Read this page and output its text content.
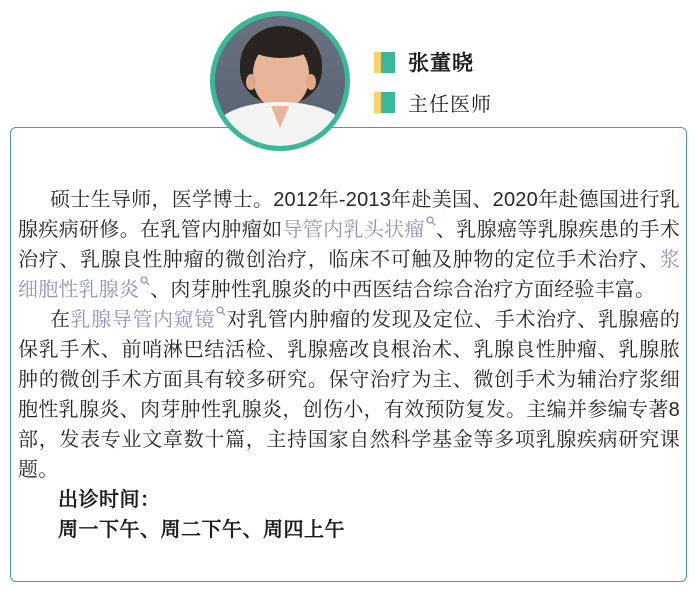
张董晓
主任医师

硕士生导师，医学博士。2012年-2013年赴美国、2020年赴德国进行乳腺疾病研修。在乳管内肿瘤如导管内乳头状瘤 、乳腺癌等乳腺疾患的手术治疗、乳腺良性肿瘤的微创治疗，临床不可触及肿物的定位手术治疗、浆细胞性乳腺炎 、肉芽肿性乳腺炎的中西医结合综合治疗方面经验丰富。

在乳腺导管内窥镜 对乳管内肿瘤的发现及定位、手术治疗、乳腺癌的保乳手术、前哨淋巴结活检、乳腺癌改良根治术、乳腺良性肿瘤、乳腺脓肿的微创手术方面具有较多研究。保守治疗为主、微创手术为辅治疗浆细胞性乳腺炎、肉芽肿性乳腺炎，创伤小，有效预防复发。主编并参编专著8部，发表专业文章数十篇，主持国家自然科学基金等多项乳腺疾病研究课题。

出诊时间：

周一下午、周二下午、周四上午
